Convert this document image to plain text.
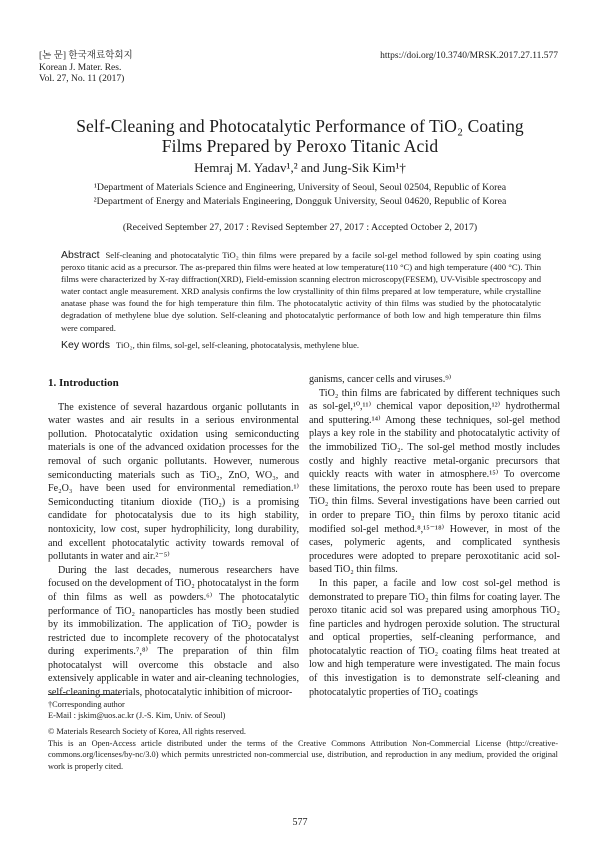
[논 문] 한국재료학회지
Korean J. Mater. Res.
Vol. 27, No. 11 (2017)
https://doi.org/10.3740/MRSK.2017.27.11.577
Self-Cleaning and Photocatalytic Performance of TiO₂ Coating
Films Prepared by Peroxo Titanic Acid
Hemraj M. Yadav¹,² and Jung-Sik Kim¹†
¹Department of Materials Science and Engineering, University of Seoul, Seoul 02504, Republic of Korea
²Department of Energy and Materials Engineering, Dongguk University, Seoul 04620, Republic of Korea
(Received September 27, 2017 : Revised September 27, 2017 : Accepted October 2, 2017)
Abstract Self-cleaning and photocatalytic TiO₂ thin films were prepared by a facile sol-gel method followed by spin coating using peroxo titanic acid as a precursor. The as-prepared thin films were heated at low temperature(110 °C) and high temperature (400 °C). Thin films were characterized by X-ray diffraction(XRD), Field-emission scanning electron microscopy(FESEM), UV-Visible spectroscopy and water contact angle measurement. XRD analysis confirms the low crystallinity of thin films prepared at low temperature, while crystalline anatase phase was found the for high temperature thin film. The photocatalytic activity of thin films was studied by the photocatalytic degradation of methylene blue dye solution. Self-cleaning and photocatalytic performance of both low and high temperature thin films were compared.
Key words TiO₂, thin films, sol-gel, self-cleaning, photocatalysis, methylene blue.
1. Introduction

The existence of several hazardous organic pollutants in water wastes and air results in a serious environmental pollution. Photocatalytic oxidation using semiconducting materials is one of the advanced oxidation processes for the removal of such organic pollutants. However, numerous semiconducting materials such as TiO₂, ZnO, WO₃, and Fe₂O₃ have been used for environmental remediation.¹⁾ Semiconducting titanium dioxide (TiO₂) is a promising candidate for photocatalysis due to its high stability, nontoxicity, low cost, super hydrophilicity, long durability, and excellent photocatalytic activity towards removal of pollutants in water and air.²⁻⁵⁾

During the last decades, numerous researchers have focused on the development of TiO₂ photocatalyst in the form of thin films as well as powders.⁶⁾ The photocatalytic performance of TiO₂ nanoparticles has mostly been studied by its immobilization. The application of TiO₂ powder is restricted due to incomplete recovery of the photocatalyst during experiments.⁷,⁸⁾ The preparation of thin film photocatalyst will overcome this obstacle and also extensively applicable in water and air-cleaning technologies, self-cleaning materials, photocatalytic inhibition of microor-

ganisms, cancer cells and viruses.⁹⁾

TiO₂ thin films are fabricated by different techniques such as sol-gel,¹⁰,¹¹⁾ chemical vapor deposition,¹²⁾ hydrothermal and sputtering.¹⁴⁾ Among these techniques, sol-gel method plays a key role in the stability and photocatalytic activity of the immobilized TiO₂. The sol-gel method mostly includes costly and highly reactive metal-organic precursors that quickly reacts with water in atmosphere.¹⁵⁾ To overcome these limitations, the peroxo route has been used to prepare TiO₂ thin films. Several investigations have been carried out in order to prepare TiO₂ thin films by peroxo titanic acid modified sol-gel method.⁸,¹⁵⁻¹⁸⁾ However, in most of the cases, polymeric agents, and complicated synthesis procedures were adopted to prepare peroxotitanic acid sol-based TiO₂ thin films.

In this paper, a facile and low cost sol-gel method is demonstrated to prepare TiO₂ thin films for coating layer. The peroxo titanic acid sol was prepared using amorphous TiO₂ fine particles and hydrogen peroxide solution. The structural and optical properties, self-cleaning performance, and photocatalytic reaction of TiO₂ coating films heat treated at low and high temperature were investigated. The main focus of this investigation is to demonstrate self-cleaning and photocatalytic properties of TiO₂ coatings

†Corresponding author
E-Mail : jskim@uos.ac.kr (J.-S. Kim, Univ. of Seoul)
© Materials Research Society of Korea, All rights reserved.
This is an Open-Access article distributed under the terms of the Creative Commons Attribution Non-Commercial License (http://creative-commons.org/licenses/by-nc/3.0) which permits unrestricted non-commercial use, distribution, and reproduction in any medium, provided the original work is properly cited.
577
